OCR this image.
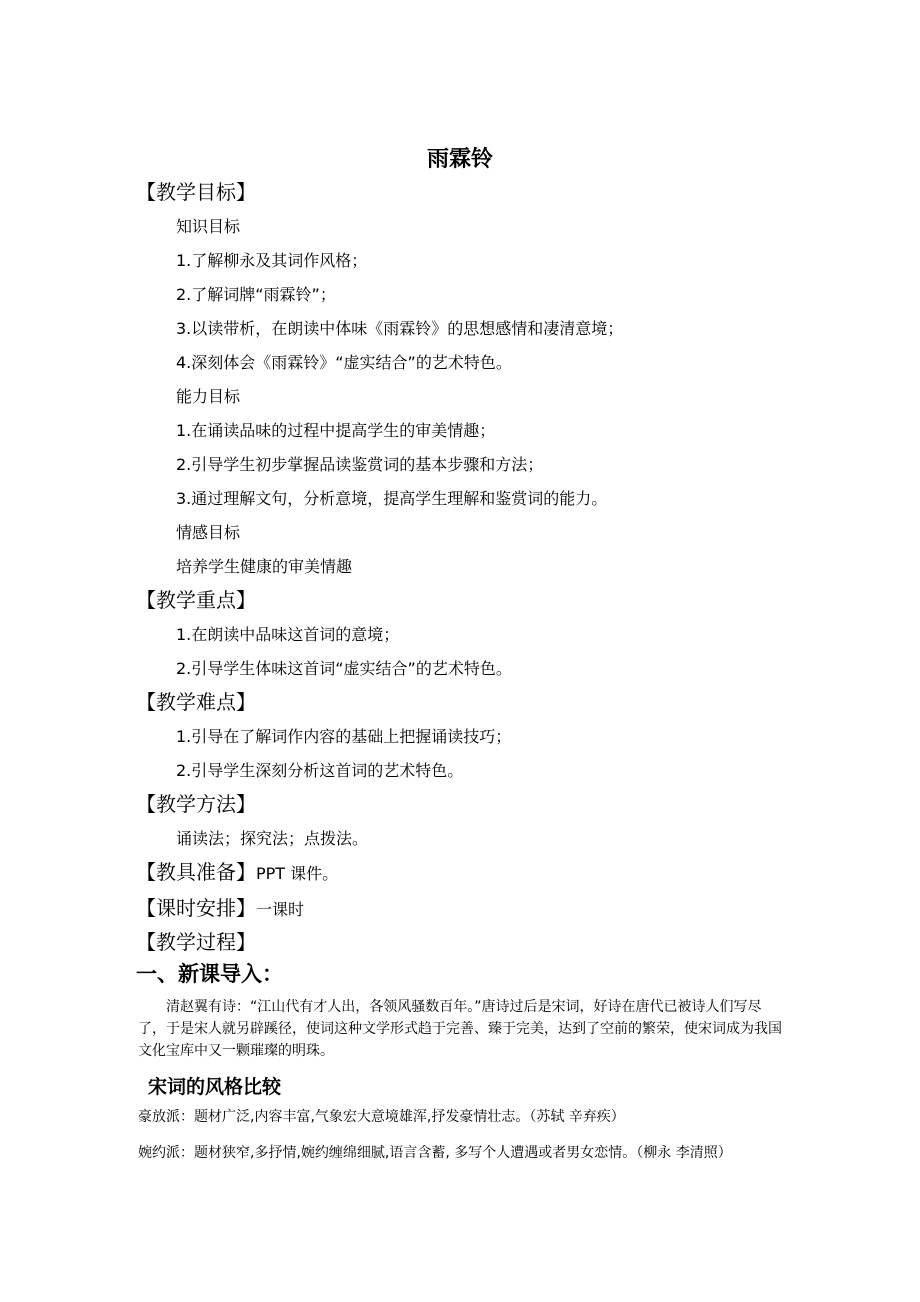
雨霖铃
【教学目标】
知识目标
1.了解柳永及其词作风格；
2.了解词牌“雨霖铃”；
3.以读带析，在朗读中体味《雨霖铃》的思想感情和凄清意境；
4.深刻体会《雨霖铃》“虚实结合”的艺术特色。
能力目标
1.在诵读品味的过程中提高学生的审美情趣；
2.引导学生初步掌握品读鉴赏词的基本步骤和方法；
3.通过理解文句，分析意境，提高学生理解和鉴赏词的能力。
情感目标
培养学生健康的审美情趣
【教学重点】
1.在朗读中品味这首词的意境；
2.引导学生体味这首词“虚实结合”的艺术特色。
【教学难点】
1.引导在了解词作内容的基础上把握诵读技巧；
2.引导学生深刻分析这首词的艺术特色。
【教学方法】
诵读法；探究法；点拨法。
【教具准备】PPT 课件。
【课时安排】一课时
【教学过程】
一、新课导入：
清赵翼有诗：“江山代有才人出，各领风骚数百年。”唐诗过后是宋词，好诗在唐代已被诗人们写尽了，于是宋人就另辟蹊径，使词这种文学形式趋于完善、臻于完美，达到了空前的繁荣，使宋词成为我国文化宝库中又一颗璀璨的明珠。
宋词的风格比较
豪放派：题材广泛,内容丰富,气象宏大意境雄浑,抒发豪情壮志。（苏轼 辛弃疾）
婉约派：题材狭窄,多抒情,婉约缠绵细腻,语言含蓄, 多写个人遭遇或者男女恋情。（柳永 李清照）
